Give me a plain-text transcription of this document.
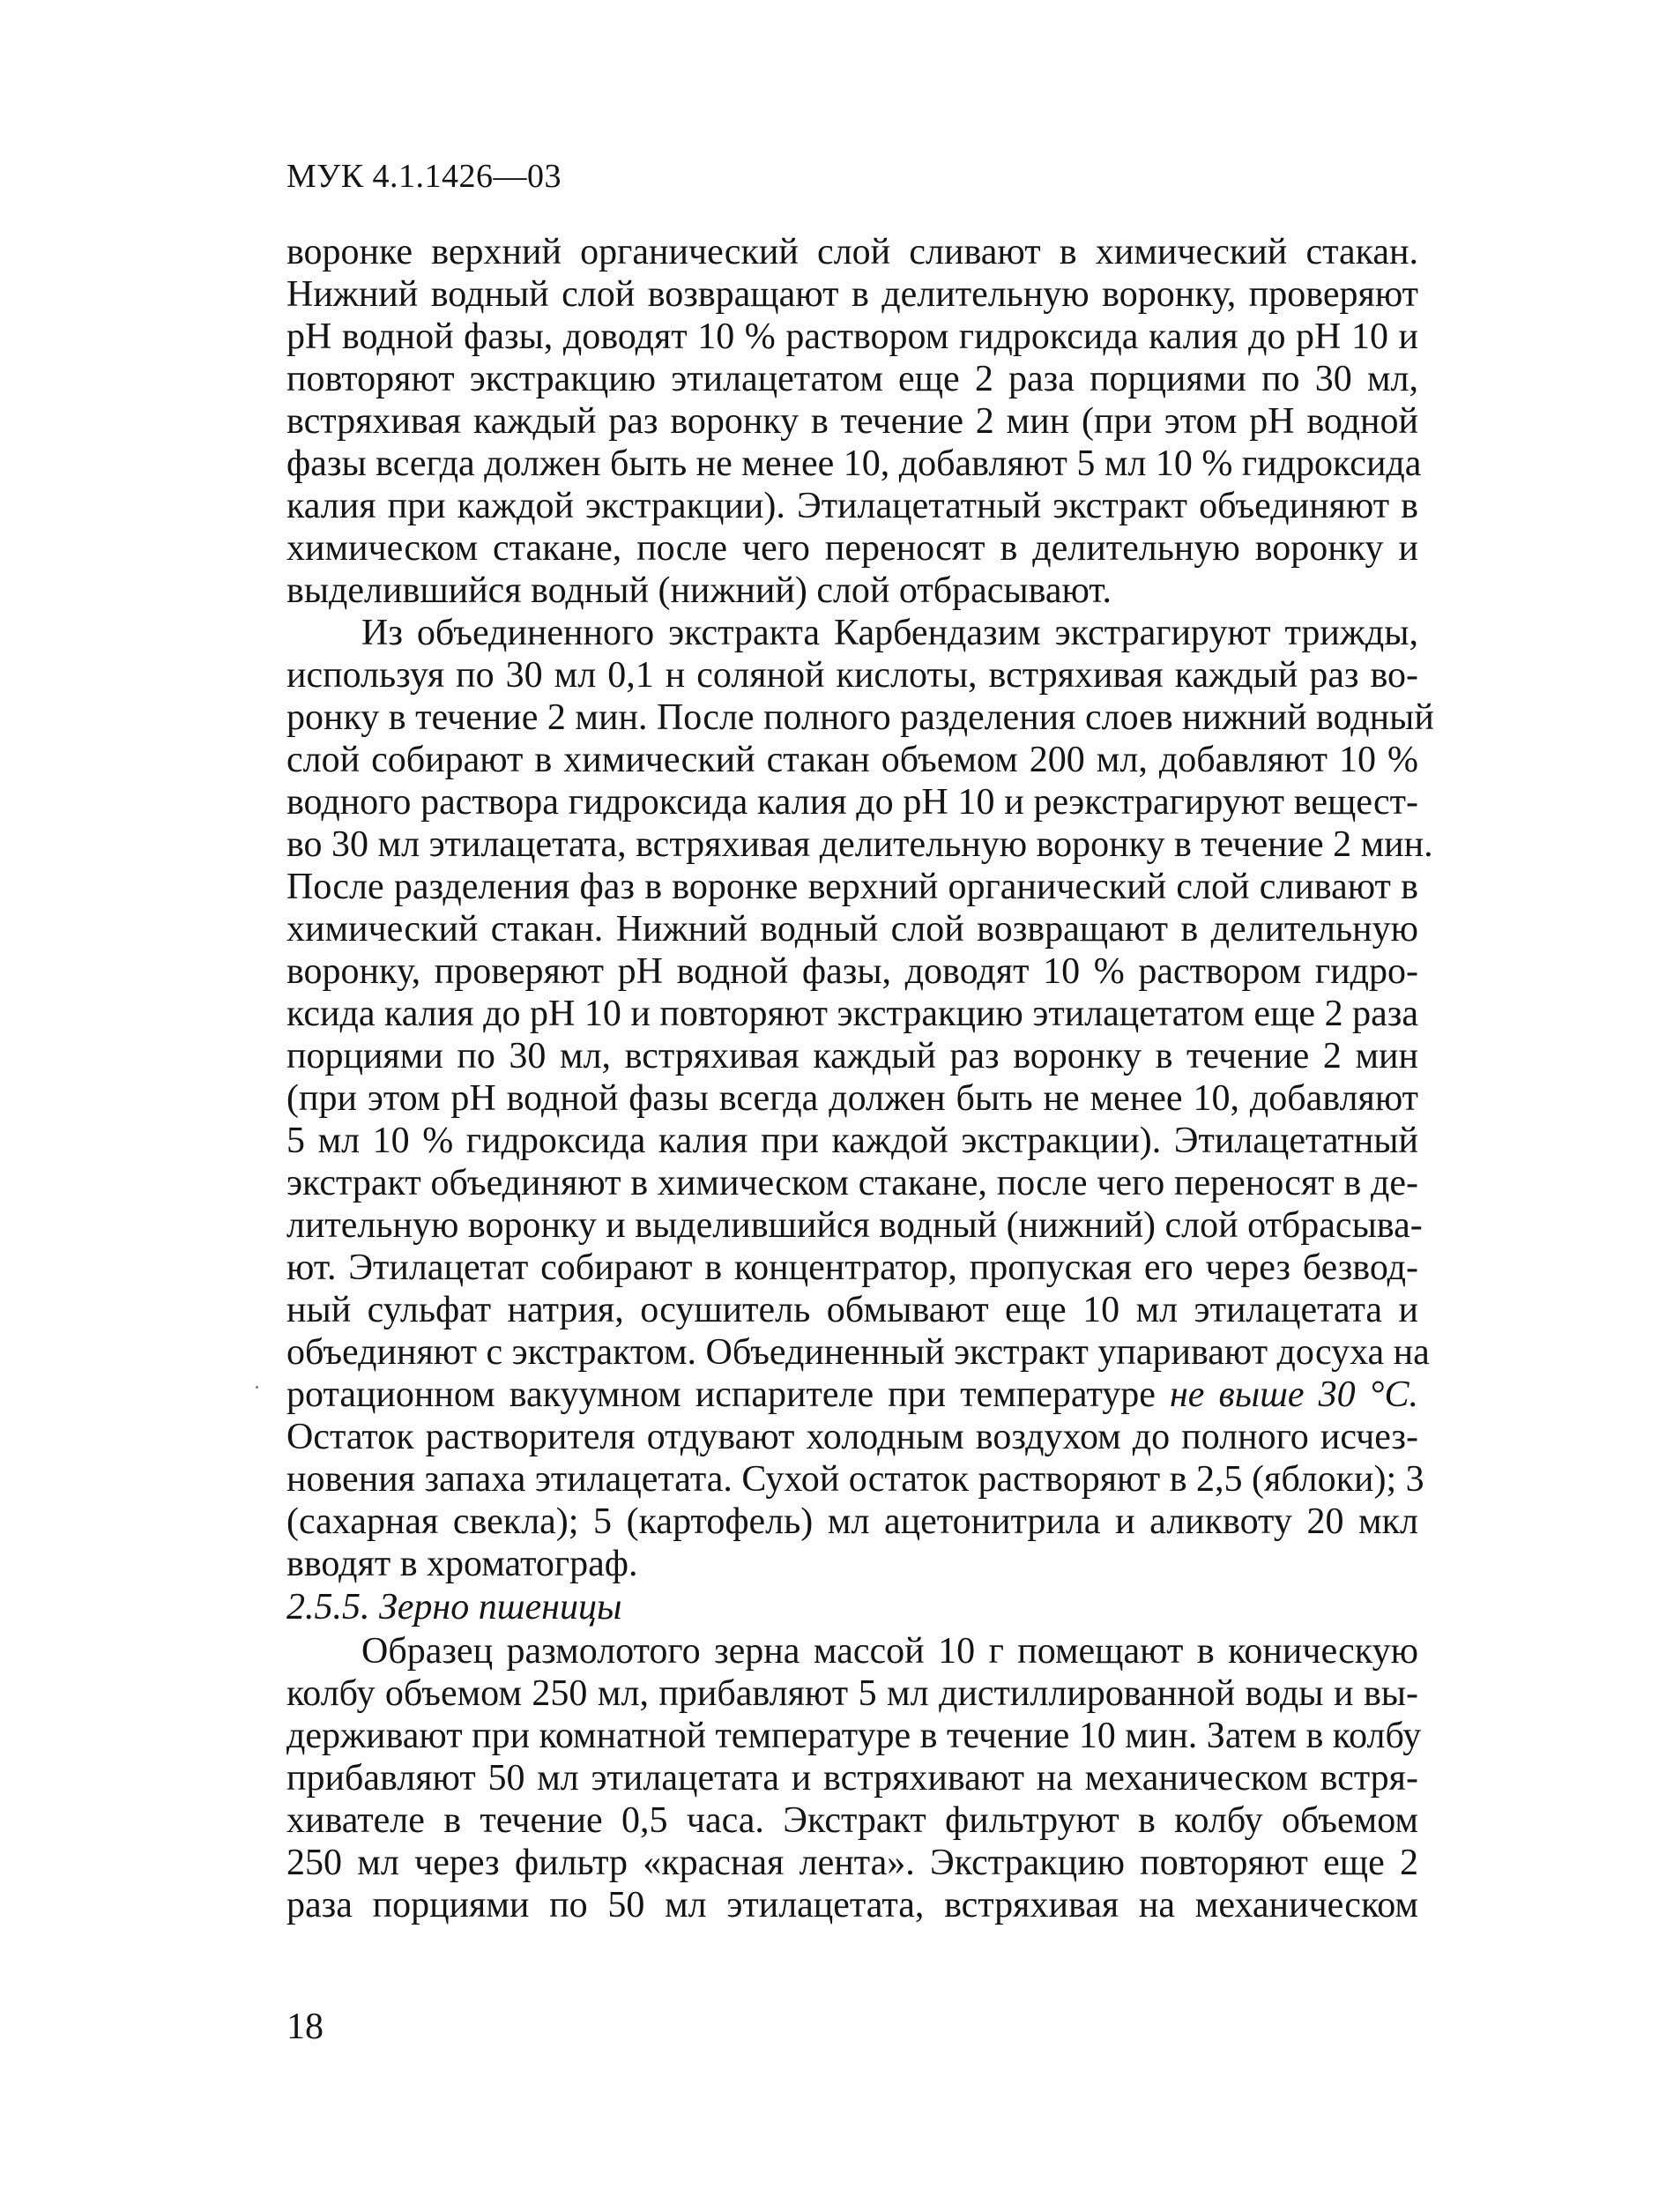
МУК 4.1.1426—03

воронке верхний органический слой сливают в химический стакан.
Нижний водный слой возвращают в делительную воронку, проверяют
рН водной фазы, доводят 10 % раствором гидроксида калия до рН 10 и
повторяют экстракцию этилацетатом еще 2 раза порциями по 30 мл,
встряхивая каждый раз воронку в течение 2 мин (при этом рН водной
фазы всегда должен быть не менее 10, добавляют 5 мл 10 % гидроксида
калия при каждой экстракции). Этилацетатный экстракт объединяют в
химическом стакане, после чего переносят в делительную воронку и
выделившийся водный (нижний) слой отбрасывают.

Из объединенного экстракта Карбендазим экстрагируют трижды,
используя по 30 мл 0,1 н соляной кислоты, встряхивая каждый раз во-
ронку в течение 2 мин. После полного разделения слоев нижний водный
слой собирают в химический стакан объемом 200 мл, добавляют 10 %
водного раствора гидроксида калия до рН 10 и реэкстрагируют вещест-
во 30 мл этилацетата, встряхивая делительную воронку в течение 2 мин.
После разделения фаз в воронке верхний органический слой сливают в
химический стакан. Нижний водный слой возвращают в делительную
воронку, проверяют рН водной фазы, доводят 10 % раствором гидро-
ксида калия до рН 10 и повторяют экстракцию этилацетатом еще 2 раза
порциями по 30 мл, встряхивая каждый раз воронку в течение 2 мин
(при этом рН водной фазы всегда должен быть не менее 10, добавляют
5 мл 10 % гидроксида калия при каждой экстракции). Этилацетатный
экстракт объединяют в химическом стакане, после чего переносят в де-
лительную воронку и выделившийся водный (нижний) слой отбрасыва-
ют. Этилацетат собирают в концентратор, пропуская его через безвод-
ный сульфат натрия, осушитель обмывают еще 10 мл этилацетата и
объединяют с экстрактом. Объединенный экстракт упаривают досуха на
ротационном вакуумном испарителе при температуре не выше 30 °С.
Остаток растворителя отдувают холодным воздухом до полного исчез-
новения запаха этилацетата. Сухой остаток растворяют в 2,5 (яблоки); 3
(сахарная свекла); 5 (картофель) мл ацетонитрила и аликвоту 20 мкл
вводят в хроматограф.

2.5.5. Зерно пшеницы

Образец размолотого зерна массой 10 г помещают в коническую
колбу объемом 250 мл, прибавляют 5 мл дистиллированной воды и вы-
держивают при комнатной температуре в течение 10 мин. Затем в колбу
прибавляют 50 мл этилацетата и встряхивают на механическом встря-
хивателе в течение 0,5 часа. Экстракт фильтруют в колбу объемом
250 мл через фильтр «красная лента». Экстракцию повторяют еще 2
раза порциями по 50 мл этилацетата, встряхивая на механическом

18
